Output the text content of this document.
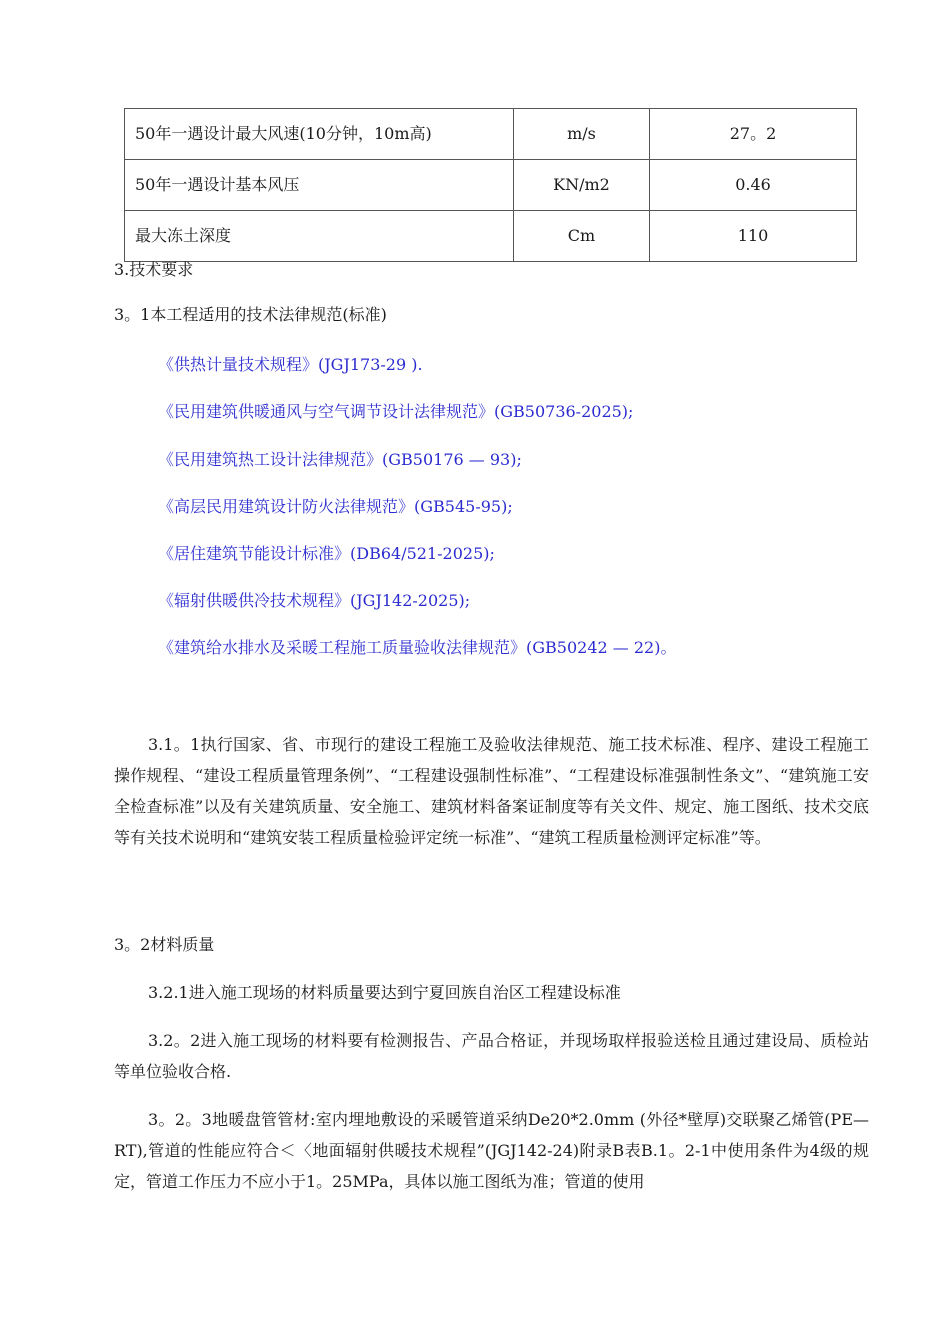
50年一遇设计最大风速(10分钟，10m高)	m/s	27。2
50年一遇设计基本风压	KN/m2	0.46
最大冻土深度	Cm	110
3.技术要求
3。1本工程适用的技术法律规范(标准)
《供热计量技术规程》(JGJ173-29 ).
《民用建筑供暖通风与空气调节设计法律规范》(GB50736-2025);
《民用建筑热工设计法律规范》(GB50176 — 93);
《高层民用建筑设计防火法律规范》(GB545-95);
《居住建筑节能设计标准》(DB64/521-2025);
《辐射供暖供冷技术规程》(JGJ142-2025);
《建筑给水排水及采暖工程施工质量验收法律规范》(GB50242 — 22)。
3.1。1执行国家、省、市现行的建设工程施工及验收法律规范、施工技术标准、程序、建设工程施工操作规程、“建设工程质量管理条例”、“工程建设强制性标准”、“工程建设标准强制性条文”、“建筑施工安全检查标准”以及有关建筑质量、安全施工、建筑材料备案证制度等有关文件、规定、施工图纸、技术交底等有关技术说明和“建筑安装工程质量检验评定统一标准”、“建筑工程质量检测评定标准”等。
3。2材料质量
3.2.1进入施工现场的材料质量要达到宁夏回族自治区工程建设标准
3.2。2进入施工现场的材料要有检测报告、产品合格证，并现场取样报验送检且通过建设局、质检站等单位验收合格.
3。2。3地暖盘管管材:室内埋地敷设的采暖管道采纳De20*2.0mm (外径*壁厚)交联聚乙烯管(PE—RT),管道的性能应符合＜〈地面辐射供暖技术规程”(JGJ142-24)附录B表B.1。2-1中使用条件为4级的规定，管道工作压力不应小于1。25MPa，具体以施工图纸为准；管道的使用
